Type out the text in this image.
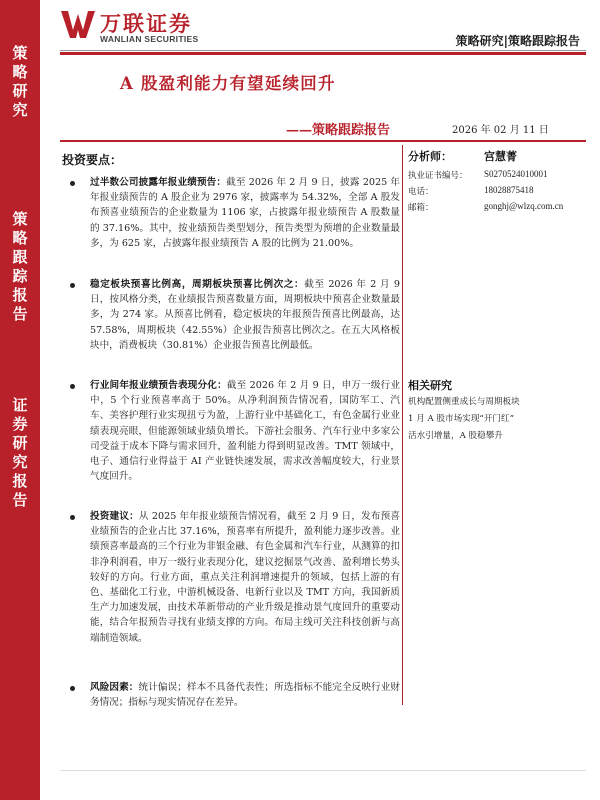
策
略
研
究
策
略
跟
踪
报
告
证
券
研
究
报
告
万联证券
WANLIAN SECURITIES	策略研究|策略跟踪报告
A 股盈利能力有望延续回升
——策略跟踪报告	2026 年 02 月 11 日
投资要点：

过半数公司披露年报业绩预告：截至 2026 年 2 月 9 日，披露 2025 年年报业绩预告的 A 股企业为 2976 家，披露率为 54.32%，全部 A 股发布预喜业绩预告的企业数量为 1106 家，占披露年报业绩预告 A 股数量的 37.16%。其中，按业绩预告类型划分，预告类型为预增的企业数量最多，为 625 家，占披露年报业绩预告 A 股的比例为 21.00%。

稳定板块预喜比例高，周期板块预喜比例次之：截至 2026 年 2 月 9 日，按风格分类，在业绩报告预喜数量方面，周期板块中预喜企业数量最多，为 274 家。从预喜比例看，稳定板块的年报预告预喜比例最高，达 57.58%，周期板块（42.55%）企业报告预喜比例次之。在五大风格板块中，消费板块（30.81%）企业报告预喜比例最低。

行业间年报业绩预告表现分化：截至 2026 年 2 月 9 日，申万一级行业中，5 个行业预喜率高于 50%。从净利润预告情况看，国防军工、汽车、美容护理行业实现扭亏为盈，上游行业中基础化工，有色金属行业业绩表现亮眼，但能源领域业绩负增长。下游社会服务、汽车行业中多家公司受益于成本下降与需求回升，盈利能力得到明显改善。TMT 领域中，电子、通信行业得益于 AI 产业链快速发展，需求改善幅度较大，行业景气度回升。

投资建议：从 2025 年年报业绩预告情况看，截至 2 月 9 日，发布预喜业绩预告的企业占比 37.16%，预喜率有所提升，盈利能力逐步改善。业绩预喜率最高的三个行业为非银金融、有色金属和汽车行业，从测算的扣非净利润看，申万一级行业表现分化，建议挖掘景气改善、盈利增长势头较好的方向。行业方面，重点关注利润增速提升的领域，包括上游的有色、基础化工行业，中游机械设备、电新行业以及 TMT 方向，我国新质生产力加速发展，由技术革新带动的产业升级是推动景气度回升的重要动能，结合年报预告寻找有业绩支撑的方向。布局主线可关注科技创新与高端制造领域。

风险因素：统计偏误；样本不具备代表性；所选指标不能完全反映行业财务情况；指标与现实情况存在差异。

分析师：	宫慧菁
执业证书编号： S0270524010001
电话：	18028875418
邮箱：	gonghj@wlzq.com.cn
相关研究
机构配置侧重成长与周期板块
1 月 A 股市场实现“开门红”
活水引增量，A 股稳攀升
